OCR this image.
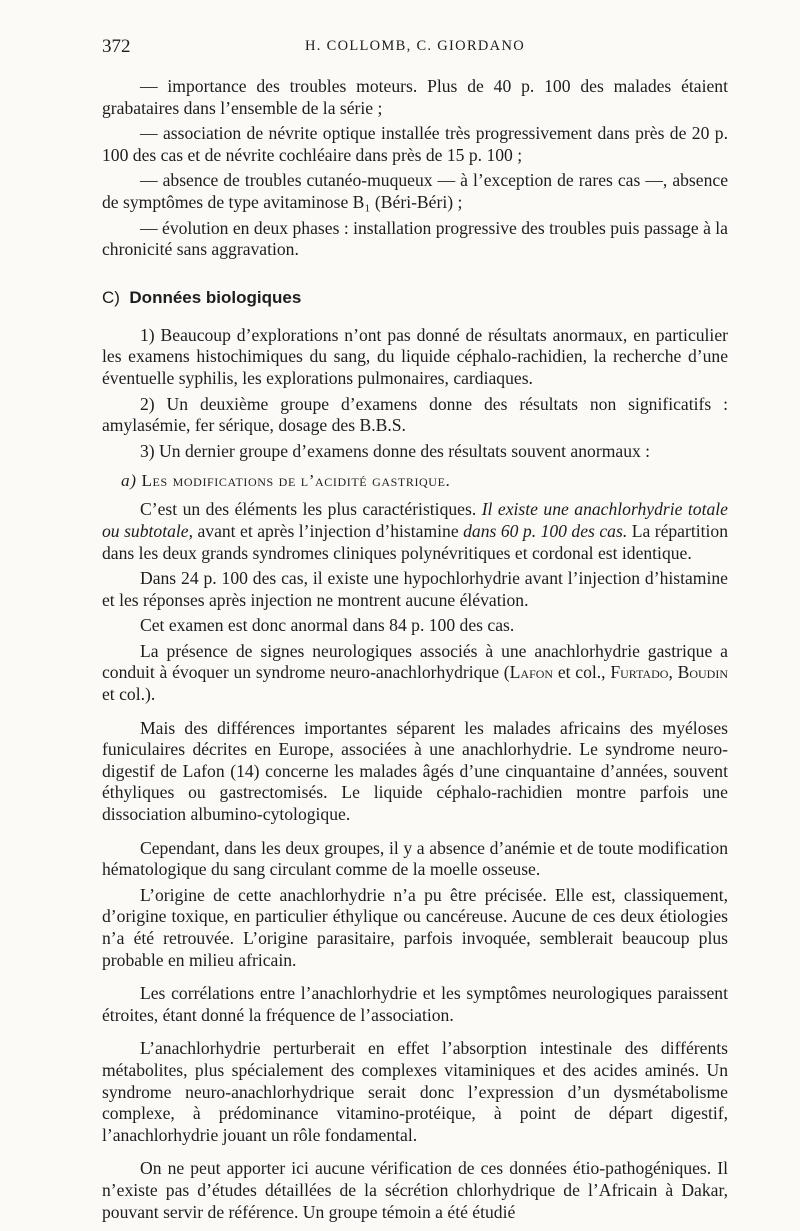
372	H. COLLOMB, C. GIORDANO

— importance des troubles moteurs. Plus de 40 p. 100 des malades étaient grabataires dans l’ensemble de la série ;

— association de névrite optique installée très progressivement dans près de 20 p. 100 des cas et de névrite cochléaire dans près de 15 p. 100 ;

— absence de troubles cutanéo-muqueux — à l’exception de rares cas —, absence de symptômes de type avitaminose B₁ (Béri-Béri) ;

— évolution en deux phases : installation progressive des troubles puis passage à la chronicité sans aggravation.

C) Données biologiques

1) Beaucoup d’explorations n’ont pas donné de résultats anormaux, en particulier les examens histochimiques du sang, du liquide céphalo-rachidien, la recherche d’une éventuelle syphilis, les explorations pulmonaires, cardiaques.

2) Un deuxième groupe d’examens donne des résultats non significatifs : amylasémie, fer sérique, dosage des B.B.S.

3) Un dernier groupe d’examens donne des résultats souvent anormaux :

a) Les modifications de l’acidité gastrique.

C’est un des éléments les plus caractéristiques. Il existe une anachlorhydrie totale ou subtotale, avant et après l’injection d’histamine dans 60 p. 100 des cas. La répartition dans les deux grands syndromes cliniques polynévritiques et cordonal est identique.

Dans 24 p. 100 des cas, il existe une hypochlorhydrie avant l’injection d’histamine et les réponses après injection ne montrent aucune élévation.

Cet examen est donc anormal dans 84 p. 100 des cas.

La présence de signes neurologiques associés à une anachlorhydrie gastrique a conduit à évoquer un syndrome neuro-anachlorhydrique (Lafon et col., Furtado, Boudin et col.).

Mais des différences importantes séparent les malades africains des myéloses funiculaires décrites en Europe, associées à une anachlorhydrie. Le syndrome neuro-digestif de Lafon (14) concerne les malades âgés d’une cinquantaine d’années, souvent éthyliques ou gastrectomisés. Le liquide céphalo-rachidien montre parfois une dissociation albumino-cytologique.

Cependant, dans les deux groupes, il y a absence d’anémie et de toute modification hématologique du sang circulant comme de la moelle osseuse.

L’origine de cette anachlorhydrie n’a pu être précisée. Elle est, classiquement, d’origine toxique, en particulier éthylique ou cancéreuse. Aucune de ces deux étiologies n’a été retrouvée. L’origine parasitaire, parfois invoquée, semblerait beaucoup plus probable en milieu africain.

Les corrélations entre l’anachlorhydrie et les symptômes neurologiques paraissent étroites, étant donné la fréquence de l’association.

L’anachlorhydrie perturberait en effet l’absorption intestinale des différents métabolites, plus spécialement des complexes vitaminiques et des acides aminés. Un syndrome neuro-anachlorhydrique serait donc l’expression d’un dysmétabolisme complexe, à prédominance vitamino-protéique, à point de départ digestif, l’anachlorhydrie jouant un rôle fondamental.

On ne peut apporter ici aucune vérification de ces données étio-pathogéniques. Il n’existe pas d’études détaillées de la sécrétion chlorhydrique de l’Africain à Dakar, pouvant servir de référence. Un groupe témoin a été étudié
